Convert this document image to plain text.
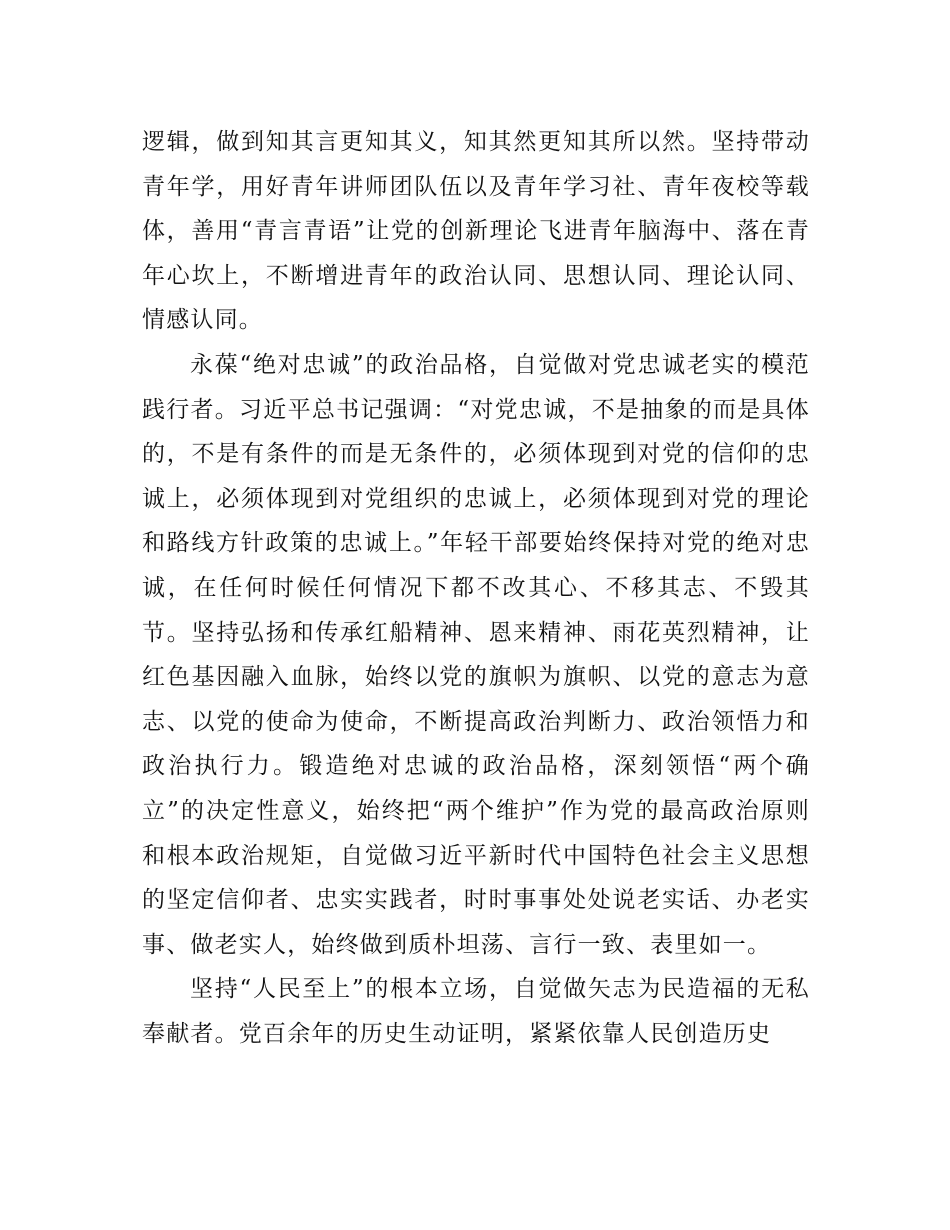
逻辑，做到知其言更知其义，知其然更知其所以然。坚持带动青年学，用好青年讲师团队伍以及青年学习社、青年夜校等载体，善用“青言青语”让党的创新理论飞进青年脑海中、落在青年心坎上，不断增进青年的政治认同、思想认同、理论认同、情感认同。

永葆“绝对忠诚”的政治品格，自觉做对党忠诚老实的模范践行者。习近平总书记强调：“对党忠诚，不是抽象的而是具体的，不是有条件的而是无条件的，必须体现到对党的信仰的忠诚上，必须体现到对党组织的忠诚上，必须体现到对党的理论和路线方针政策的忠诚上。”年轻干部要始终保持对党的绝对忠诚，在任何时候任何情况下都不改其心、不移其志、不毁其节。坚持弘扬和传承红船精神、恩来精神、雨花英烈精神，让红色基因融入血脉，始终以党的旗帜为旗帜、以党的意志为意志、以党的使命为使命，不断提高政治判断力、政治领悟力和政治执行力。锻造绝对忠诚的政治品格，深刻领悟“两个确立”的决定性意义，始终把“两个维护”作为党的最高政治原则和根本政治规矩，自觉做习近平新时代中国特色社会主义思想的坚定信仰者、忠实实践者，时时事事处处说老实话、办老实事、做老实人，始终做到质朴坦荡、言行一致、表里如一。

坚持“人民至上”的根本立场，自觉做矢志为民造福的无私奉献者。党百余年的历史生动证明，紧紧依靠人民创造历史
